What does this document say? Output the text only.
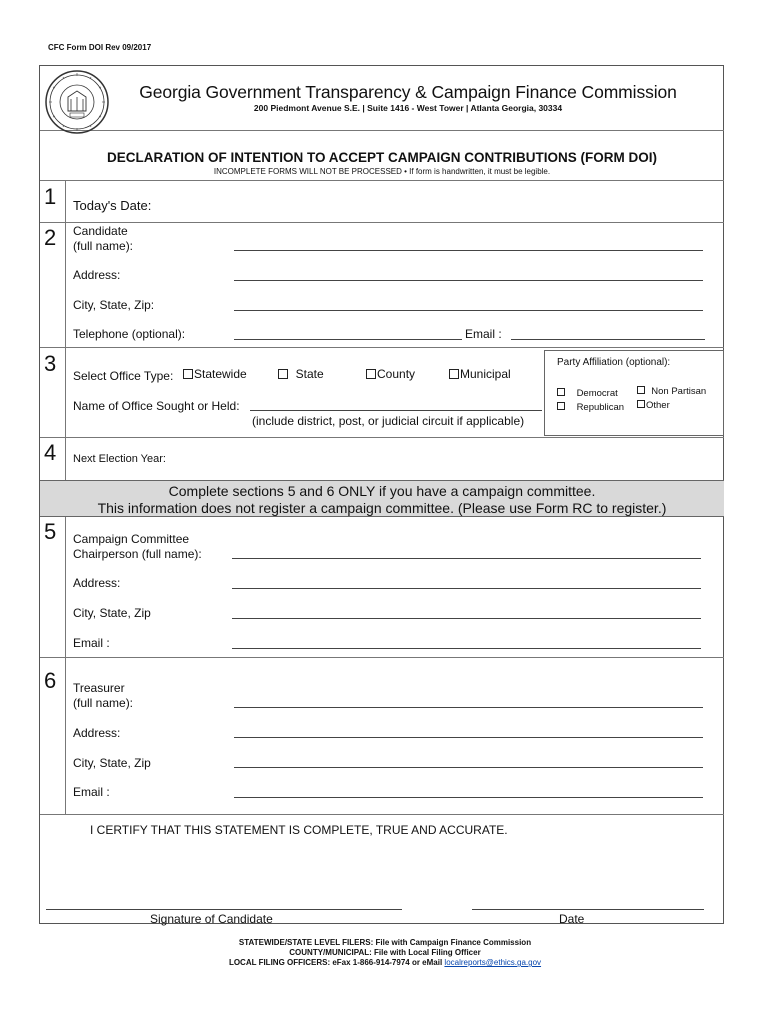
CFC Form DOI Rev 09/2017
Georgia Government Transparency & Campaign Finance Commission
200 Piedmont Avenue S.E. | Suite 1416 - West Tower | Atlanta Georgia, 30334
DECLARATION OF INTENTION TO ACCEPT CAMPAIGN CONTRIBUTIONS (FORM DOI)
INCOMPLETE FORMS WILL NOT BE PROCESSED • If form is handwritten, it must be legible.
1 Today's Date:
2 Candidate
(full name):
Address:
City, State, Zip:
Telephone (optional):	Email :
3 Select Office Type:	Statewide	State	County	Municipal
Name of Office Sought or Held:
(include district, post, or judicial circuit if applicable)
Party Affiliation (optional):
Democrat	Non Partisan
Republican	Other
4 Next Election Year:
Complete sections 5 and 6 ONLY if you have a campaign committee.
This information does not register a campaign committee. (Please use Form RC to register.)
5 Campaign Committee
Chairperson (full name):
Address:
City, State, Zip
Email :
6 Treasurer
(full name):
Address:
City, State, Zip
Email :
I CERTIFY THAT THIS STATEMENT IS COMPLETE, TRUE AND ACCURATE.
Signature of Candidate	Date
STATEWIDE/STATE LEVEL FILERS: File with Campaign Finance Commission
COUNTY/MUNICIPAL: File with Local Filing Officer
LOCAL FILING OFFICERS: eFax 1-866-914-7974 or eMail localreports@ethics.ga.gov
